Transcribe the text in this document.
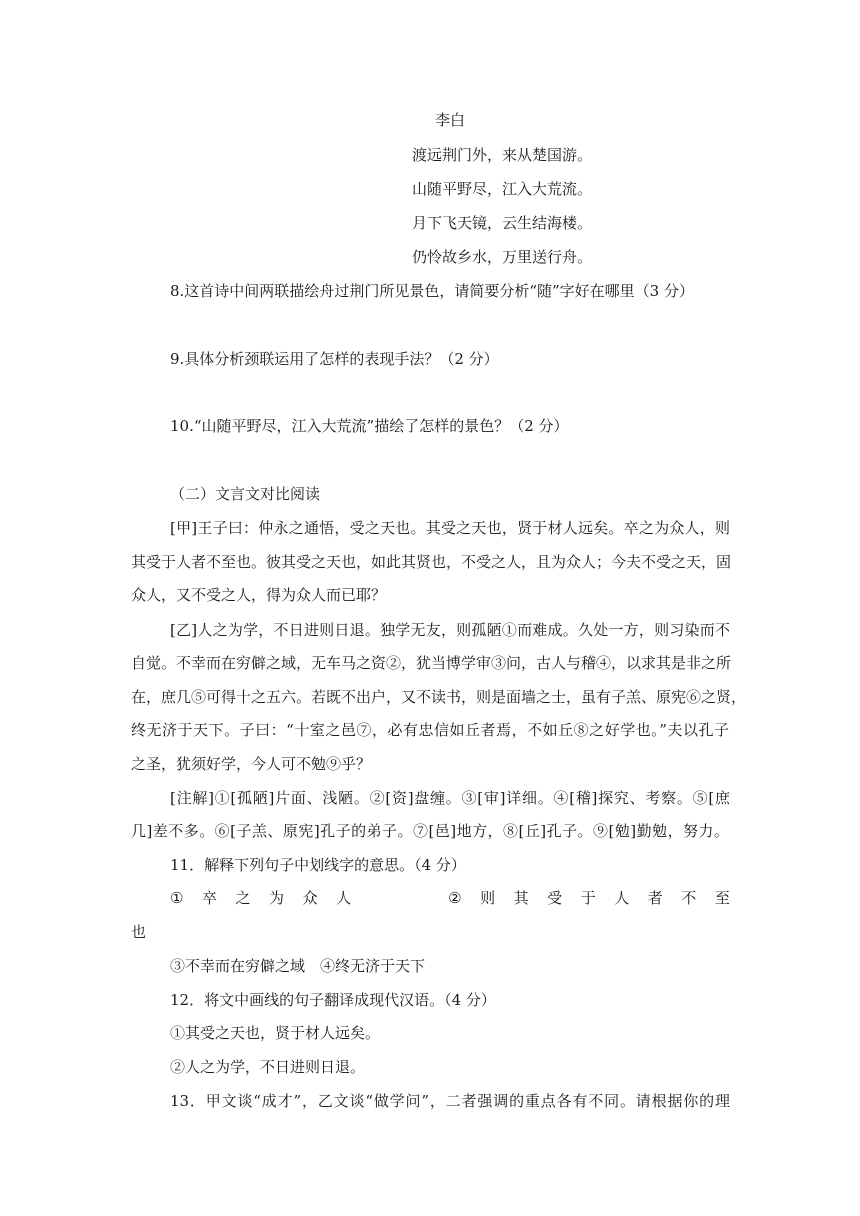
李白
渡远荆门外，来从楚国游。
山随平野尽，江入大荒流。
月下飞天镜，云生结海楼。
仍怜故乡水，万里送行舟。
8.这首诗中间两联描绘舟过荆门所见景色，请简要分析“随”字好在哪里（3 分）
9.具体分析颈联运用了怎样的表现手法？（2 分）
10.“山随平野尽，江入大荒流”描绘了怎样的景色？（2 分）
（二）文言文对比阅读
[甲]王子曰：仲永之通悟，受之天也。其受之天也，贤于材人远矣。卒之为众人，则
其受于人者不至也。彼其受之天也，如此其贤也，不受之人，且为众人；今夫不受之天，固
众人，又不受之人，得为众人而已耶？
[乙]人之为学，不日进则日退。独学无友，则孤陋①而难成。久处一方，则习染而不
自觉。不幸而在穷僻之域，无车马之资②，犹当博学审③问，古人与稽④，以求其是非之所
在，庶几⑤可得十之五六。若既不出户，又不读书，则是面墙之士，虽有子羔、原宪⑥之贤，
终无济于天下。子曰：“十室之邑⑦，必有忠信如丘者焉，不如丘⑧之好学也。”夫以孔子
之圣，犹须好学，今人可不勉⑨乎？
[注解]①[孤陋]片面、浅陋。②[资]盘缠。③[审]详细。④[稽]探究、考察。⑤[庶
几]差不多。⑥[子羔、原宪]孔子的弟子。⑦[邑]地方，⑧[丘]孔子。⑨[勉]勤勉，努力。
11．解释下列句子中划线字的意思。（4 分）
① 卒 之 为 众 人	② 则 其 受 于 人 者 不 至
也
③不幸而在穷僻之域　④终无济于天下
12．将文中画线的句子翻译成现代汉语。（4 分）
①其受之天也，贤于材人远矣。
②人之为学，不日进则日退。
13．甲文谈“成才”，乙文谈“做学问”，二者强调的重点各有不同。请根据你的理
